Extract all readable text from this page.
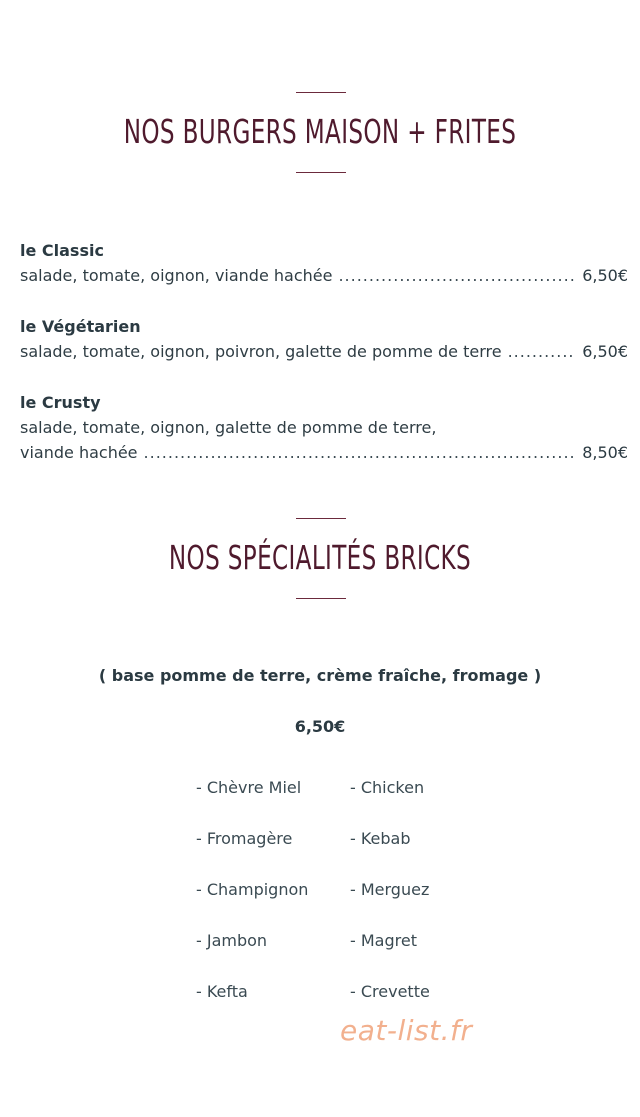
NOS BURGERS MAISON + FRITES
le Classic
salade, tomate, oignon, viande hachée .....	6,50€
le Végétarien
salade, tomate, oignon, poivron, galette de pomme de terre .....	6,50€
le Crusty
salade, tomate, oignon, galette de pomme de terre,
viande hachée .....	8,50€
NOS SPÉCIALITÉS BRICKS
( base pomme de terre, crème fraîche, fromage )
6,50€
- Chèvre Miel
- Fromagère
- Champignon
- Jambon
- Kefta
- Chicken
- Kebab
- Merguez
- Magret
- Crevette
eat-list.fr
